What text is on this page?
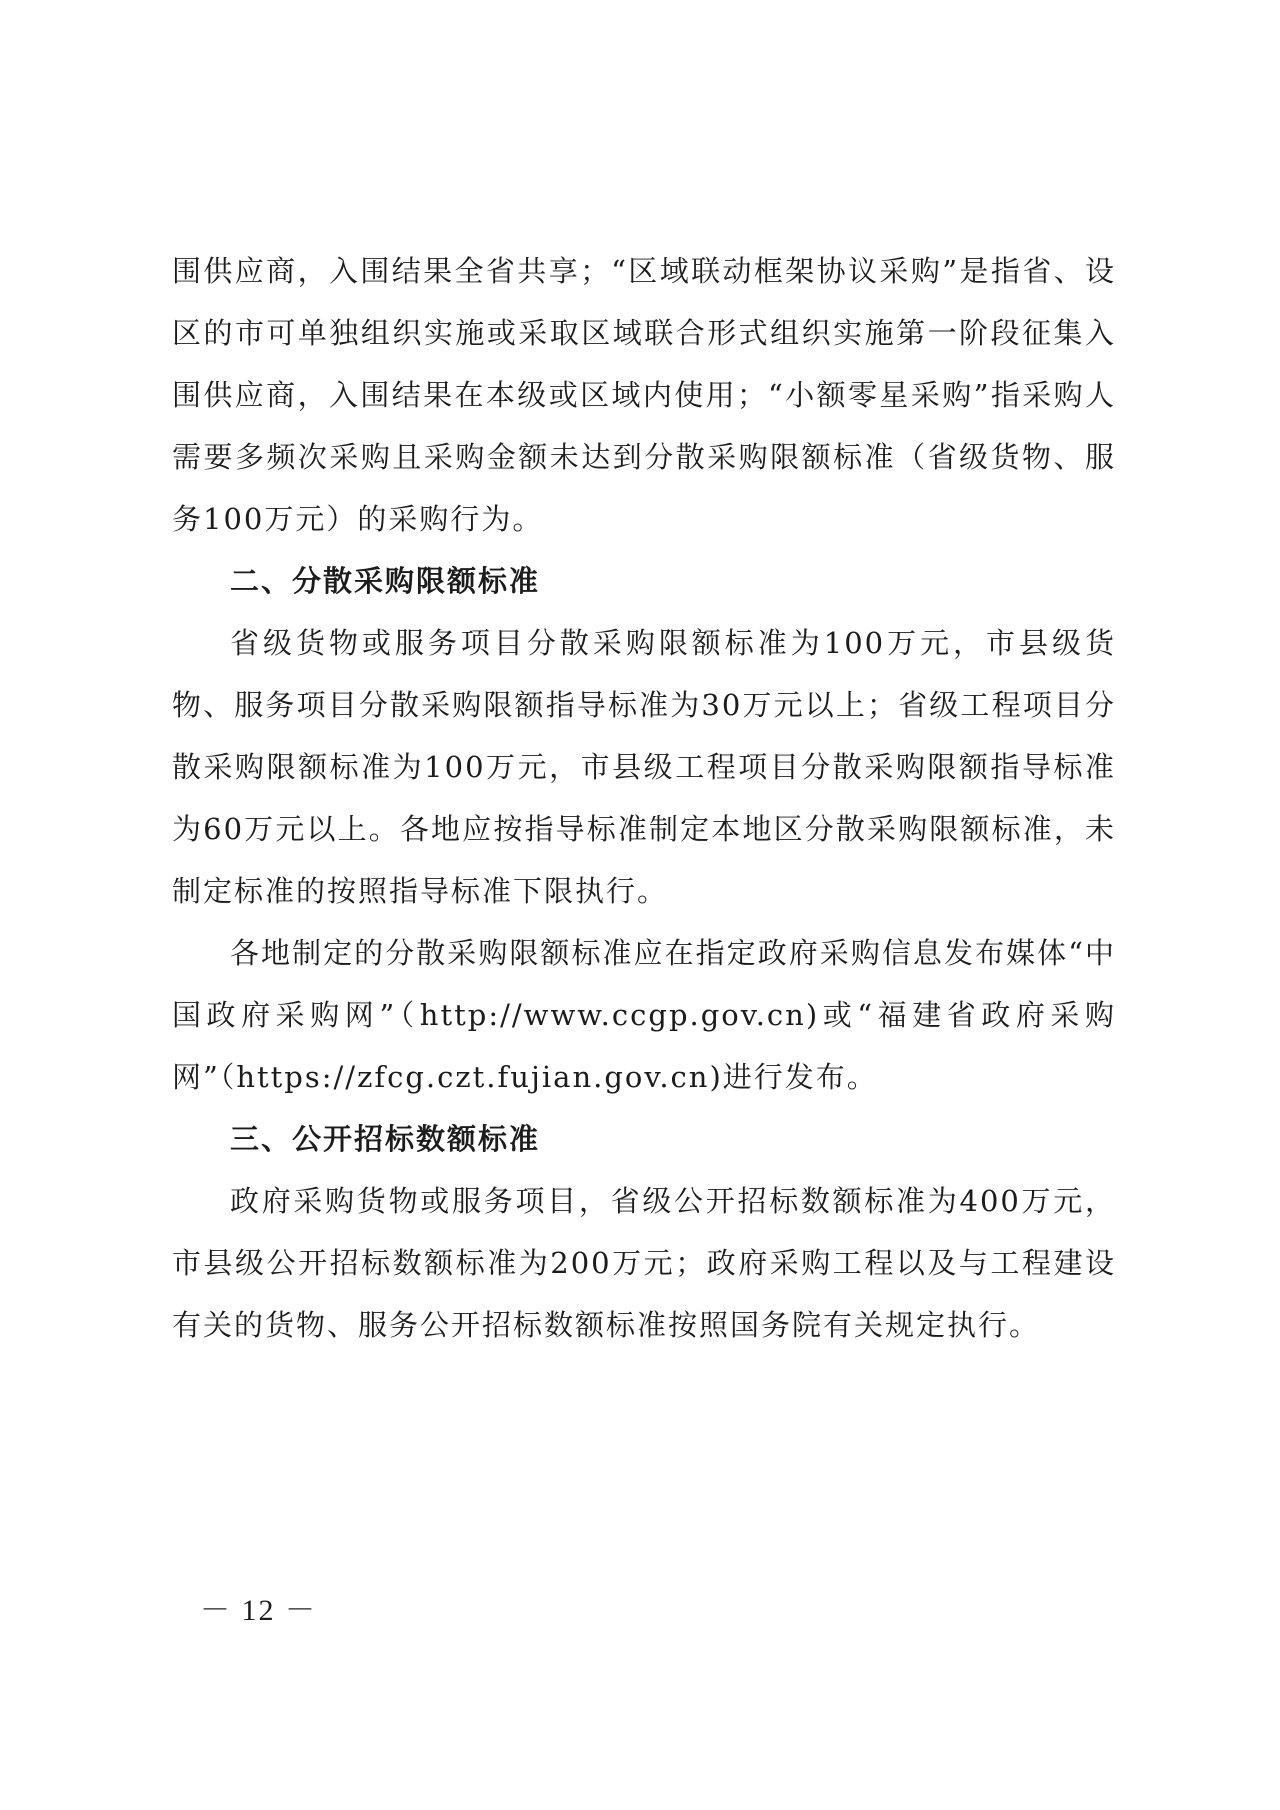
围供应商，入围结果全省共享；“区域联动框架协议采购”是指省、设区的市可单独组织实施或采取区域联合形式组织实施第一阶段征集入围供应商，入围结果在本级或区域内使用；“小额零星采购”指采购人需要多频次采购且采购金额未达到分散采购限额标准（省级货物、服务100万元）的采购行为。

二、分散采购限额标准

省级货物或服务项目分散采购限额标准为100万元，市县级货物、服务项目分散采购限额指导标准为30万元以上；省级工程项目分散采购限额标准为100万元，市县级工程项目分散采购限额指导标准为60万元以上。各地应按指导标准制定本地区分散采购限额标准，未制定标准的按照指导标准下限执行。

各地制定的分散采购限额标准应在指定政府采购信息发布媒体“中国政府采购网”（http://www.ccgp.gov.cn)或“福建省政府采购网”（https://zfcg.czt.fujian.gov.cn)进行发布。

三、公开招标数额标准

政府采购货物或服务项目，省级公开招标数额标准为400万元，市县级公开招标数额标准为200万元；政府采购工程以及与工程建设有关的货物、服务公开招标数额标准按照国务院有关规定执行。

－ 12 －
